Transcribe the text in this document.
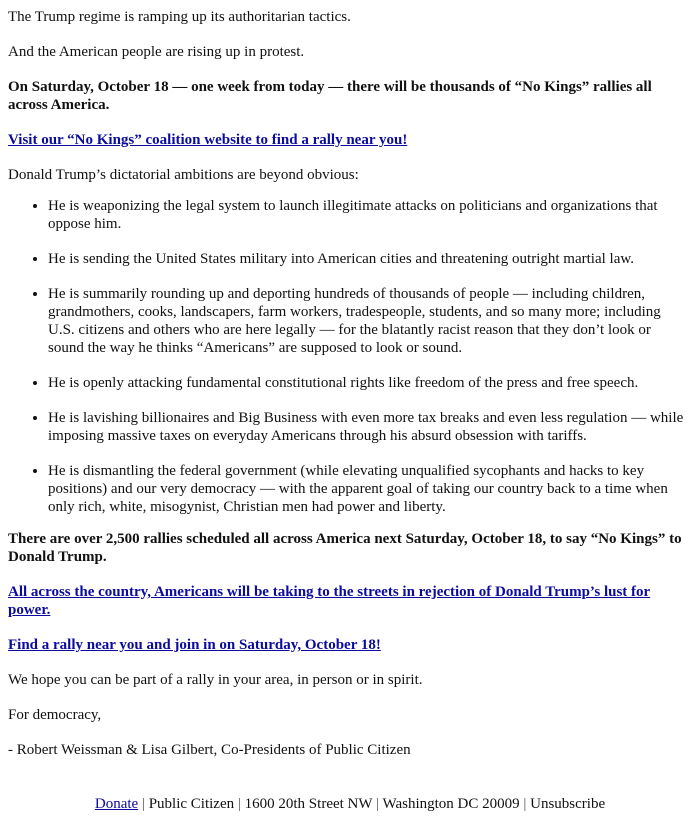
The Trump regime is ramping up its authoritarian tactics.

And the American people are rising up in protest.

On Saturday, October 18 — one week from today — there will be thousands of “No Kings” rallies all across America.

Visit our “No Kings” coalition website to find a rally near you!

Donald Trump’s dictatorial ambitions are beyond obvious:

• He is weaponizing the legal system to launch illegitimate attacks on politicians and organizations that oppose him.
• He is sending the United States military into American cities and threatening outright martial law.
• He is summarily rounding up and deporting hundreds of thousands of people — including children, grandmothers, cooks, landscapers, farm workers, tradespeople, students, and so many more; including U.S. citizens and others who are here legally — for the blatantly racist reason that they don’t look or sound the way he thinks “Americans” are supposed to look or sound.
• He is openly attacking fundamental constitutional rights like freedom of the press and free speech.
• He is lavishing billionaires and Big Business with even more tax breaks and even less regulation — while imposing massive taxes on everyday Americans through his absurd obsession with tariffs.
• He is dismantling the federal government (while elevating unqualified sycophants and hacks to key positions) and our very democracy — with the apparent goal of taking our country back to a time when only rich, white, misogynist, Christian men had power and liberty.

There are over 2,500 rallies scheduled all across America next Saturday, October 18, to say “No Kings” to Donald Trump.

All across the country, Americans will be taking to the streets in rejection of Donald Trump’s lust for power.

Find a rally near you and join in on Saturday, October 18!

We hope you can be part of a rally in your area, in person or in spirit.

For democracy,

- Robert Weissman & Lisa Gilbert, Co-Presidents of Public Citizen

Donate | Public Citizen | 1600 20th Street NW | Washington DC 20009 | Unsubscribe
